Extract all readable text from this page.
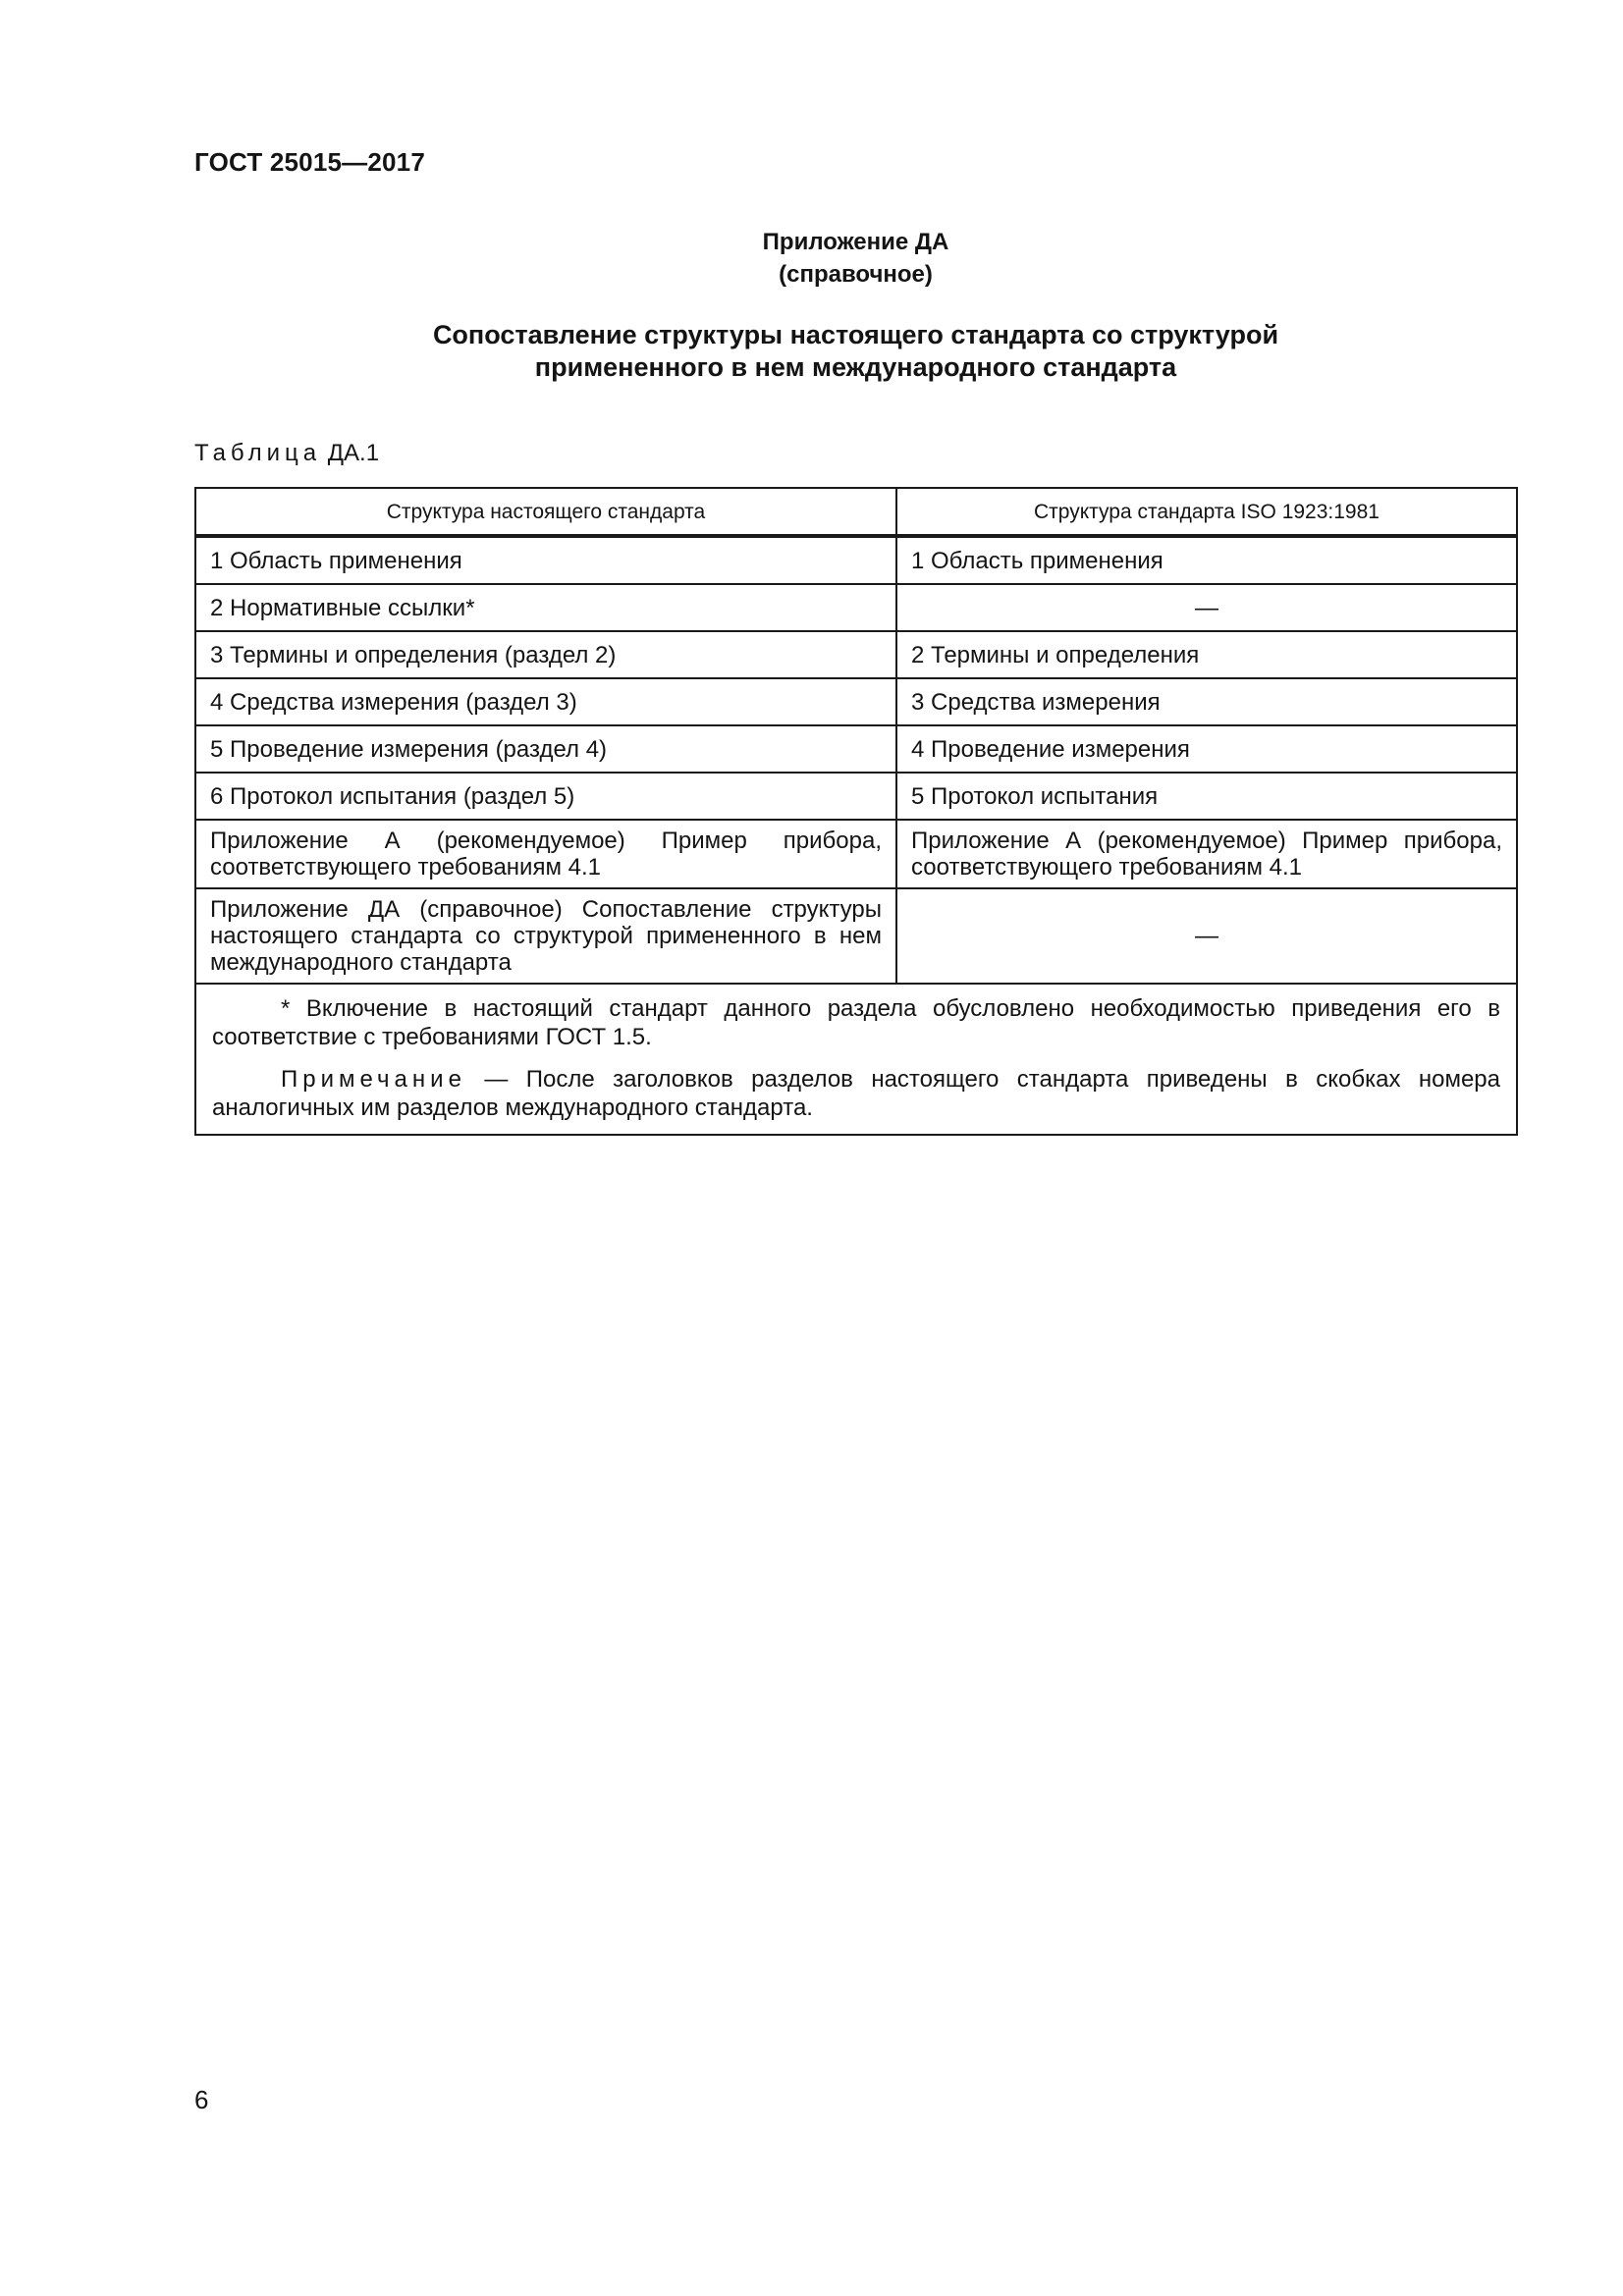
ГОСТ 25015—2017
Приложение ДА
(справочное)
Сопоставление структуры настоящего стандарта со структурой
примененного в нем международного стандарта
Таблица ДА.1
Структура настоящего стандарта	Структура стандарта ISO 1923:1981
1 Область применения	1 Область применения
2 Нормативные ссылки*	—
3 Термины и определения (раздел 2)	2 Термины и определения
4 Средства измерения (раздел 3)	3 Средства измерения
5 Проведение измерения (раздел 4)	4 Проведение измерения
6 Протокол испытания (раздел 5)	5 Протокол испытания
Приложение А (рекомендуемое) Пример прибора, соответствующего требованиям 4.1	Приложение А (рекомендуемое) Пример прибора, соответствующего требованиям 4.1
Приложение ДА (справочное) Сопоставление структуры настоящего стандарта со структурой примененного в нем международного стандарта	—

* Включение в настоящий стандарт данного раздела обусловлено необходимостью приведения его в соответствие с требованиями ГОСТ 1.5.

Примечание — После заголовков разделов настоящего стандарта приведены в скобках номера аналогичных им разделов международного стандарта.	

6
